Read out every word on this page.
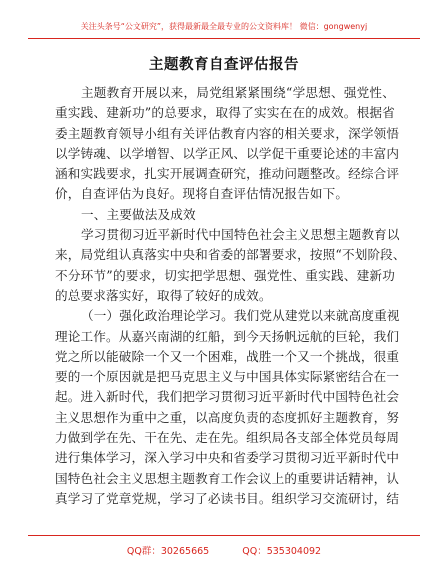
关注头条号“公文研究”，获得最新最全最专业的公文资料库！ 微信：gongwenyj
主题教育自查评估报告
主题教育开展以来，局党组紧紧围绕“学思想、强党性、
重实践、建新功”的总要求，取得了实实在在的成效。根据省
委主题教育领导小组有关评估教育内容的相关要求，深学领悟
以学铸魂、以学增智、以学正风、以学促干重要论述的丰富内
涵和实践要求，扎实开展调查研究，推动问题整改。经综合评
价，自查评估为良好。现将自查评估情况报告如下。
一、主要做法及成效
学习贯彻习近平新时代中国特色社会主义思想主题教育以
来，局党组认真落实中央和省委的部署要求，按照“不划阶段、
不分环节”的要求，切实把学思想、强党性、重实践、建新功
的总要求落实好，取得了较好的成效。
（一）强化政治理论学习。我们党从建党以来就高度重视
理论工作。从嘉兴南湖的红船，到今天扬帆远航的巨轮，我们
党之所以能破除一个又一个困难，战胜一个又一个挑战，很重
要的一个原因就是把马克思主义与中国具体实际紧密结合在一
起。进入新时代，我们把学习贯彻习近平新时代中国特色社会
主义思想作为重中之重，以高度负责的态度抓好主题教育，努
力做到学在先、干在先、走在先。组织局各支部全体党员每周
进行集体学习，深入学习中央和省委学习贯彻习近平新时代中
国特色社会主义思想主题教育工作会议上的重要讲话精神，认
真学习了党章党规，学习了必读书目。组织学习交流研讨，结
QQ群：30265665	QQ：535304092
